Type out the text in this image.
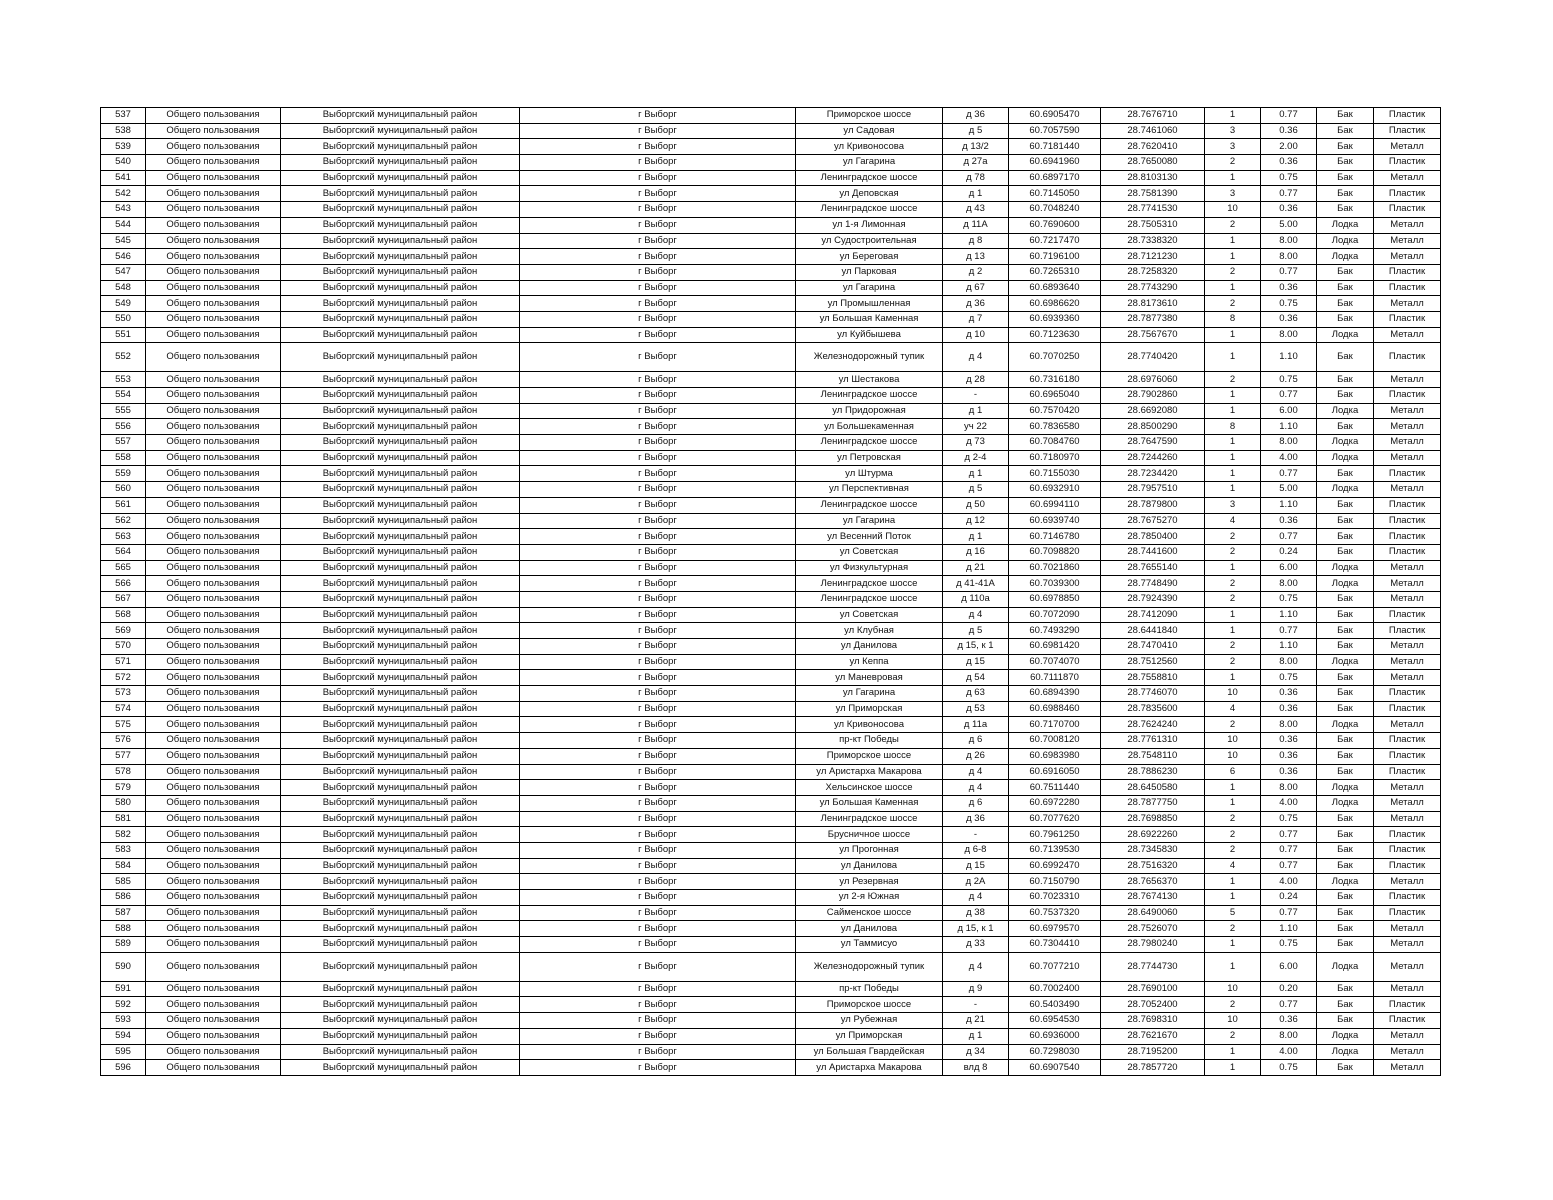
537	Общего пользования	Выборгский муниципальный район	г Выборг	Приморское шоссе	д 36	60.6905470	28.7676710	1	0.77	Бак	Пластик
538	Общего пользования	Выборгский муниципальный район	г Выборг	ул Садовая	д 5	60.7057590	28.7461060	3	0.36	Бак	Пластик
539	Общего пользования	Выборгский муниципальный район	г Выборг	ул Кривоносова	д 13/2	60.7181440	28.7620410	3	2.00	Бак	Металл
540	Общего пользования	Выборгский муниципальный район	г Выборг	ул Гагарина	д 27а	60.6941960	28.7650080	2	0.36	Бак	Пластик
541	Общего пользования	Выборгский муниципальный район	г Выборг	Ленинградское шоссе	д 78	60.6897170	28.8103130	1	0.75	Бак	Металл
542	Общего пользования	Выборгский муниципальный район	г Выборг	ул Деповская	д 1	60.7145050	28.7581390	3	0.77	Бак	Пластик
543	Общего пользования	Выборгский муниципальный район	г Выборг	Ленинградское шоссе	д 43	60.7048240	28.7741530	10	0.36	Бак	Пластик
544	Общего пользования	Выборгский муниципальный район	г Выборг	ул 1-я Лимонная	д 11А	60.7690600	28.7505310	2	5.00	Лодка	Металл
545	Общего пользования	Выборгский муниципальный район	г Выборг	ул Судостроительная	д 8	60.7217470	28.7338320	1	8.00	Лодка	Металл
546	Общего пользования	Выборгский муниципальный район	г Выборг	ул Береговая	д 13	60.7196100	28.7121230	1	8.00	Лодка	Металл
547	Общего пользования	Выборгский муниципальный район	г Выборг	ул Парковая	д 2	60.7265310	28.7258320	2	0.77	Бак	Пластик
548	Общего пользования	Выборгский муниципальный район	г Выборг	ул Гагарина	д 67	60.6893640	28.7743290	1	0.36	Бак	Пластик
549	Общего пользования	Выборгский муниципальный район	г Выборг	ул Промышленная	д 36	60.6986620	28.8173610	2	0.75	Бак	Металл
550	Общего пользования	Выборгский муниципальный район	г Выборг	ул Большая Каменная	д 7	60.6939360	28.7877380	8	0.36	Бак	Пластик
551	Общего пользования	Выборгский муниципальный район	г Выборг	ул Куйбышева	д 10	60.7123630	28.7567670	1	8.00	Лодка	Металл
552	Общего пользования	Выборгский муниципальный район	г Выборг	Железнодорожный тупик	д 4	60.7070250	28.7740420	1	1.10	Бак	Пластик
553	Общего пользования	Выборгский муниципальный район	г Выборг	ул Шестакова	д 28	60.7316180	28.6976060	2	0.75	Бак	Металл
554	Общего пользования	Выборгский муниципальный район	г Выборг	Ленинградское шоссе	-	60.6965040	28.7902860	1	0.77	Бак	Пластик
555	Общего пользования	Выборгский муниципальный район	г Выборг	ул Придорожная	д 1	60.7570420	28.6692080	1	6.00	Лодка	Металл
556	Общего пользования	Выборгский муниципальный район	г Выборг	ул Большекаменная	уч 22	60.7836580	28.8500290	8	1.10	Бак	Металл
557	Общего пользования	Выборгский муниципальный район	г Выборг	Ленинградское шоссе	д 73	60.7084760	28.7647590	1	8.00	Лодка	Металл
558	Общего пользования	Выборгский муниципальный район	г Выборг	ул Петровская	д 2-4	60.7180970	28.7244260	1	4.00	Лодка	Металл
559	Общего пользования	Выборгский муниципальный район	г Выборг	ул Штурма	д 1	60.7155030	28.7234420	1	0.77	Бак	Пластик
560	Общего пользования	Выборгский муниципальный район	г Выборг	ул Перспективная	д 5	60.6932910	28.7957510	1	5.00	Лодка	Металл
561	Общего пользования	Выборгский муниципальный район	г Выборг	Ленинградское шоссе	д 50	60.6994110	28.7879800	3	1.10	Бак	Пластик
562	Общего пользования	Выборгский муниципальный район	г Выборг	ул Гагарина	д 12	60.6939740	28.7675270	4	0.36	Бак	Пластик
563	Общего пользования	Выборгский муниципальный район	г Выборг	ул Весенний Поток	д 1	60.7146780	28.7850400	2	0.77	Бак	Пластик
564	Общего пользования	Выборгский муниципальный район	г Выборг	ул Советская	д 16	60.7098820	28.7441600	2	0.24	Бак	Пластик
565	Общего пользования	Выборгский муниципальный район	г Выборг	ул Физкультурная	д 21	60.7021860	28.7655140	1	6.00	Лодка	Металл
566	Общего пользования	Выборгский муниципальный район	г Выборг	Ленинградское шоссе	д 41-41А	60.7039300	28.7748490	2	8.00	Лодка	Металл
567	Общего пользования	Выборгский муниципальный район	г Выборг	Ленинградское шоссе	д 110а	60.6978850	28.7924390	2	0.75	Бак	Металл
568	Общего пользования	Выборгский муниципальный район	г Выборг	ул Советская	д 4	60.7072090	28.7412090	1	1.10	Бак	Пластик
569	Общего пользования	Выборгский муниципальный район	г Выборг	ул Клубная	д 5	60.7493290	28.6441840	1	0.77	Бак	Пластик
570	Общего пользования	Выборгский муниципальный район	г Выборг	ул Данилова	д 15, к 1	60.6981420	28.7470410	2	1.10	Бак	Металл
571	Общего пользования	Выборгский муниципальный район	г Выборг	ул Кеппа	д 15	60.7074070	28.7512560	2	8.00	Лодка	Металл
572	Общего пользования	Выборгский муниципальный район	г Выборг	ул Маневровая	д 54	60.7111870	28.7558810	1	0.75	Бак	Металл
573	Общего пользования	Выборгский муниципальный район	г Выборг	ул Гагарина	д 63	60.6894390	28.7746070	10	0.36	Бак	Пластик
574	Общего пользования	Выборгский муниципальный район	г Выборг	ул Приморская	д 53	60.6988460	28.7835600	4	0.36	Бак	Пластик
575	Общего пользования	Выборгский муниципальный район	г Выборг	ул Кривоносова	д 11а	60.7170700	28.7624240	2	8.00	Лодка	Металл
576	Общего пользования	Выборгский муниципальный район	г Выборг	пр-кт Победы	д 6	60.7008120	28.7761310	10	0.36	Бак	Пластик
577	Общего пользования	Выборгский муниципальный район	г Выборг	Приморское шоссе	д 26	60.6983980	28.7548110	10	0.36	Бак	Пластик
578	Общего пользования	Выборгский муниципальный район	г Выборг	ул Аристарха Макарова	д 4	60.6916050	28.7886230	6	0.36	Бак	Пластик
579	Общего пользования	Выборгский муниципальный район	г Выборг	Хельсинское шоссе	д 4	60.7511440	28.6450580	1	8.00	Лодка	Металл
580	Общего пользования	Выборгский муниципальный район	г Выборг	ул Большая Каменная	д 6	60.6972280	28.7877750	1	4.00	Лодка	Металл
581	Общего пользования	Выборгский муниципальный район	г Выборг	Ленинградское шоссе	д 36	60.7077620	28.7698850	2	0.75	Бак	Металл
582	Общего пользования	Выборгский муниципальный район	г Выборг	Брусничное шоссе	-	60.7961250	28.6922260	2	0.77	Бак	Пластик
583	Общего пользования	Выборгский муниципальный район	г Выборг	ул Прогонная	д 6-8	60.7139530	28.7345830	2	0.77	Бак	Пластик
584	Общего пользования	Выборгский муниципальный район	г Выборг	ул Данилова	д 15	60.6992470	28.7516320	4	0.77	Бак	Пластик
585	Общего пользования	Выборгский муниципальный район	г Выборг	ул Резервная	д 2А	60.7150790	28.7656370	1	4.00	Лодка	Металл
586	Общего пользования	Выборгский муниципальный район	г Выборг	ул 2-я Южная	д 4	60.7023310	28.7674130	1	0.24	Бак	Пластик
587	Общего пользования	Выборгский муниципальный район	г Выборг	Сайменское шоссе	д 38	60.7537320	28.6490060	5	0.77	Бак	Пластик
588	Общего пользования	Выборгский муниципальный район	г Выборг	ул Данилова	д 15, к 1	60.6979570	28.7526070	2	1.10	Бак	Металл
589	Общего пользования	Выборгский муниципальный район	г Выборг	ул Таммисуо	д 33	60.7304410	28.7980240	1	0.75	Бак	Металл
590	Общего пользования	Выборгский муниципальный район	г Выборг	Железнодорожный тупик	д 4	60.7077210	28.7744730	1	6.00	Лодка	Металл
591	Общего пользования	Выборгский муниципальный район	г Выборг	пр-кт Победы	д 9	60.7002400	28.7690100	10	0.20	Бак	Металл
592	Общего пользования	Выборгский муниципальный район	г Выборг	Приморское шоссе	-	60.5403490	28.7052400	2	0.77	Бак	Пластик
593	Общего пользования	Выборгский муниципальный район	г Выборг	ул Рубежная	д 21	60.6954530	28.7698310	10	0.36	Бак	Пластик
594	Общего пользования	Выборгский муниципальный район	г Выборг	ул Приморская	д 1	60.6936000	28.7621670	2	8.00	Лодка	Металл
595	Общего пользования	Выборгский муниципальный район	г Выборг	ул Большая Гвардейская	д 34	60.7298030	28.7195200	1	4.00	Лодка	Металл
596	Общего пользования	Выборгский муниципальный район	г Выборг	ул Аристарха Макарова	влд 8	60.6907540	28.7857720	1	0.75	Бак	Металл
